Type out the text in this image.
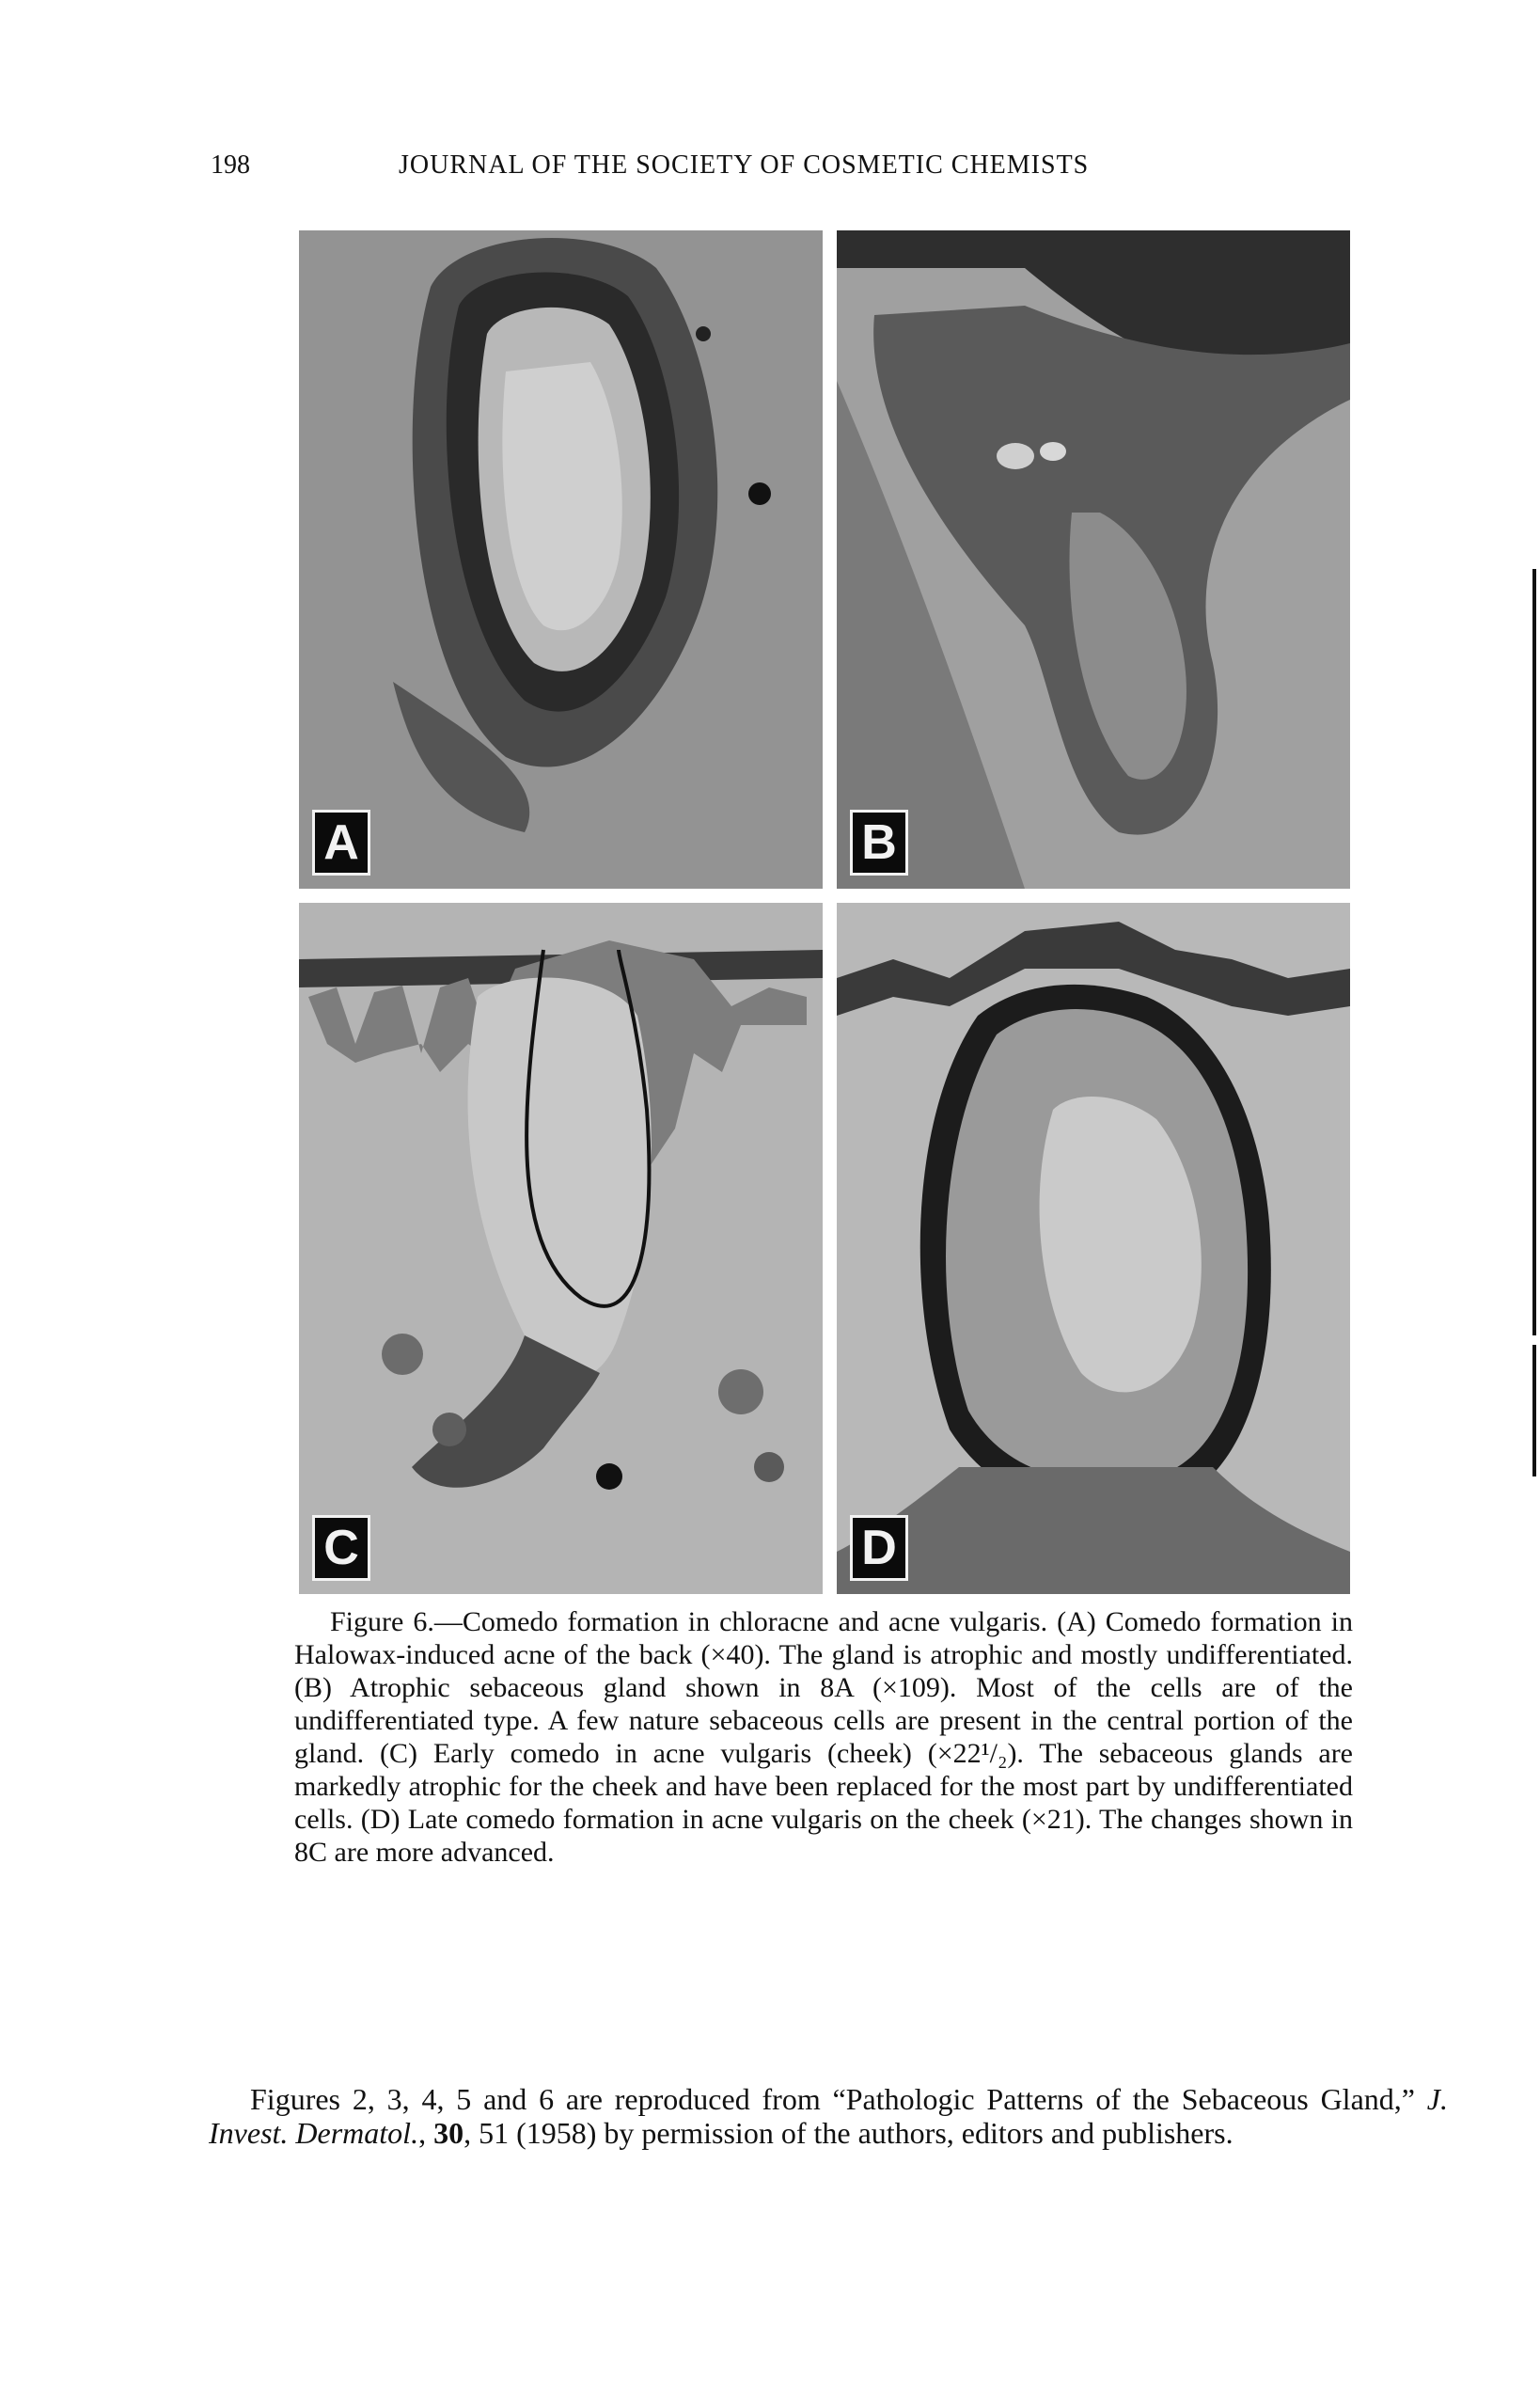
198	JOURNAL OF THE SOCIETY OF COSMETIC CHEMISTS
A	B
C	D

Figure 6.—Comedo formation in chloracne and acne vulgaris. (A) Comedo formation in Halowax-induced acne of the back (×40). The gland is atrophic and mostly undifferentiated. (B) Atrophic sebaceous gland shown in 8A (×109). Most of the cells are of the undifferentiated type. A few nature sebaceous cells are present in the central portion of the gland. (C) Early comedo in acne vulgaris (cheek) (×22¹/₂). The sebaceous glands are markedly atrophic for the cheek and have been replaced for the most part by undifferentiated cells. (D) Late comedo formation in acne vulgaris on the cheek (×21). The changes shown in 8C are more advanced.

Figures 2, 3, 4, 5 and 6 are reproduced from “Pathologic Patterns of the Sebaceous Gland,” J. Invest. Dermatol., 30, 51 (1958) by permission of the authors, editors and publishers.
